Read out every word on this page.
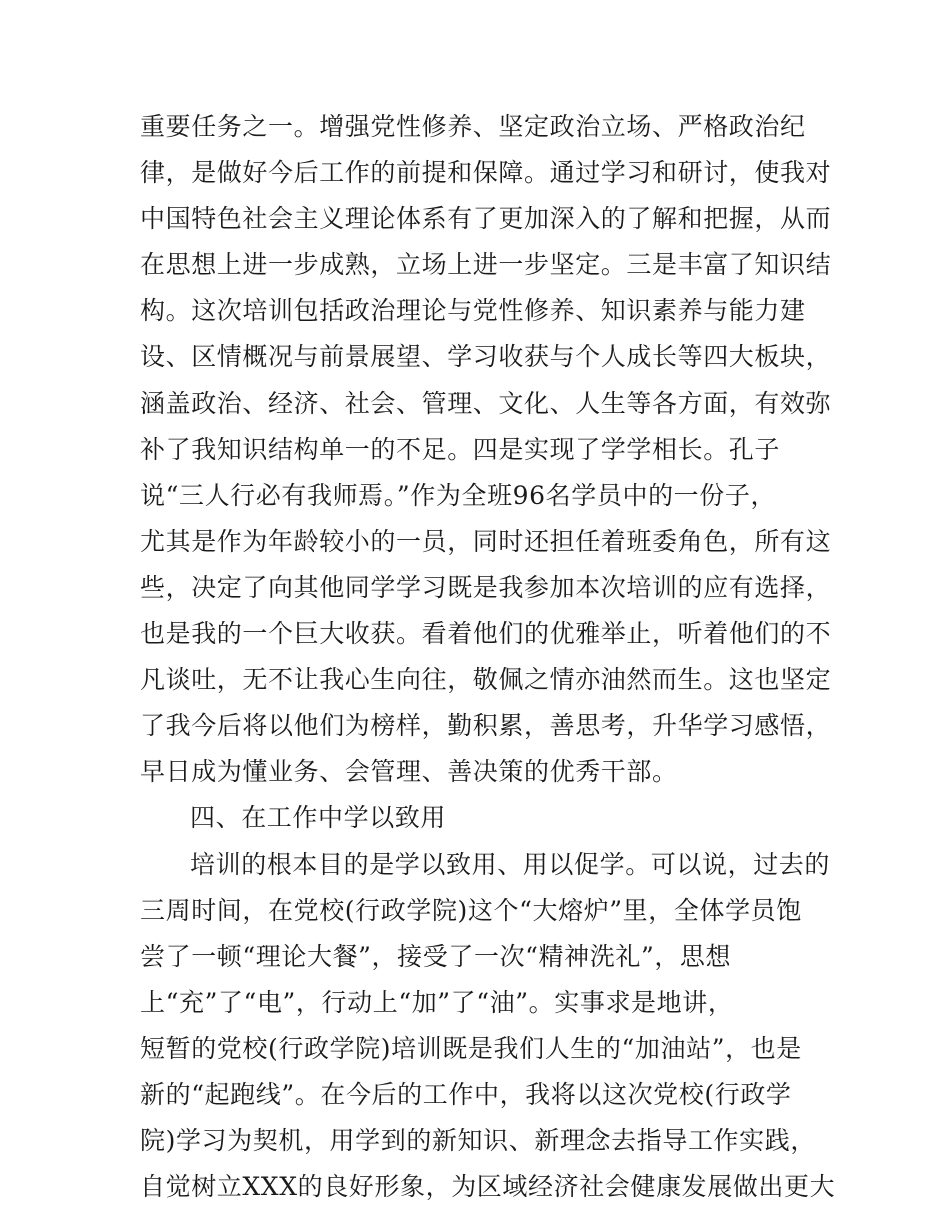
重要任务之一。增强党性修养、坚定政治立场、严格政治纪
律，是做好今后工作的前提和保障。通过学习和研讨，使我对
中国特色社会主义理论体系有了更加深入的了解和把握，从而
在思想上进一步成熟，立场上进一步坚定。三是丰富了知识结
构。这次培训包括政治理论与党性修养、知识素养与能力建
设、区情概况与前景展望、学习收获与个人成长等四大板块，
涵盖政治、经济、社会、管理、文化、人生等各方面，有效弥
补了我知识结构单一的不足。四是实现了学学相长。孔子
说“三人行必有我师焉。”作为全班96名学员中的一份子，
尤其是作为年龄较小的一员，同时还担任着班委角色，所有这
些，决定了向其他同学学习既是我参加本次培训的应有选择，
也是我的一个巨大收获。看着他们的优雅举止，听着他们的不
凡谈吐，无不让我心生向往，敬佩之情亦油然而生。这也坚定
了我今后将以他们为榜样，勤积累，善思考，升华学习感悟，
早日成为懂业务、会管理、善决策的优秀干部。
四、在工作中学以致用
培训的根本目的是学以致用、用以促学。可以说，过去的
三周时间，在党校(行政学院)这个“大熔炉”里，全体学员饱
尝了一顿“理论大餐”，接受了一次“精神洗礼”，思想
上“充”了“电”，行动上“加”了“油”。实事求是地讲，
短暂的党校(行政学院)培训既是我们人生的“加油站”，也是
新的“起跑线”。在今后的工作中，我将以这次党校(行政学
院)学习为契机，用学到的新知识、新理念去指导工作实践，
自觉树立XXX的良好形象，为区域经济社会健康发展做出更大
